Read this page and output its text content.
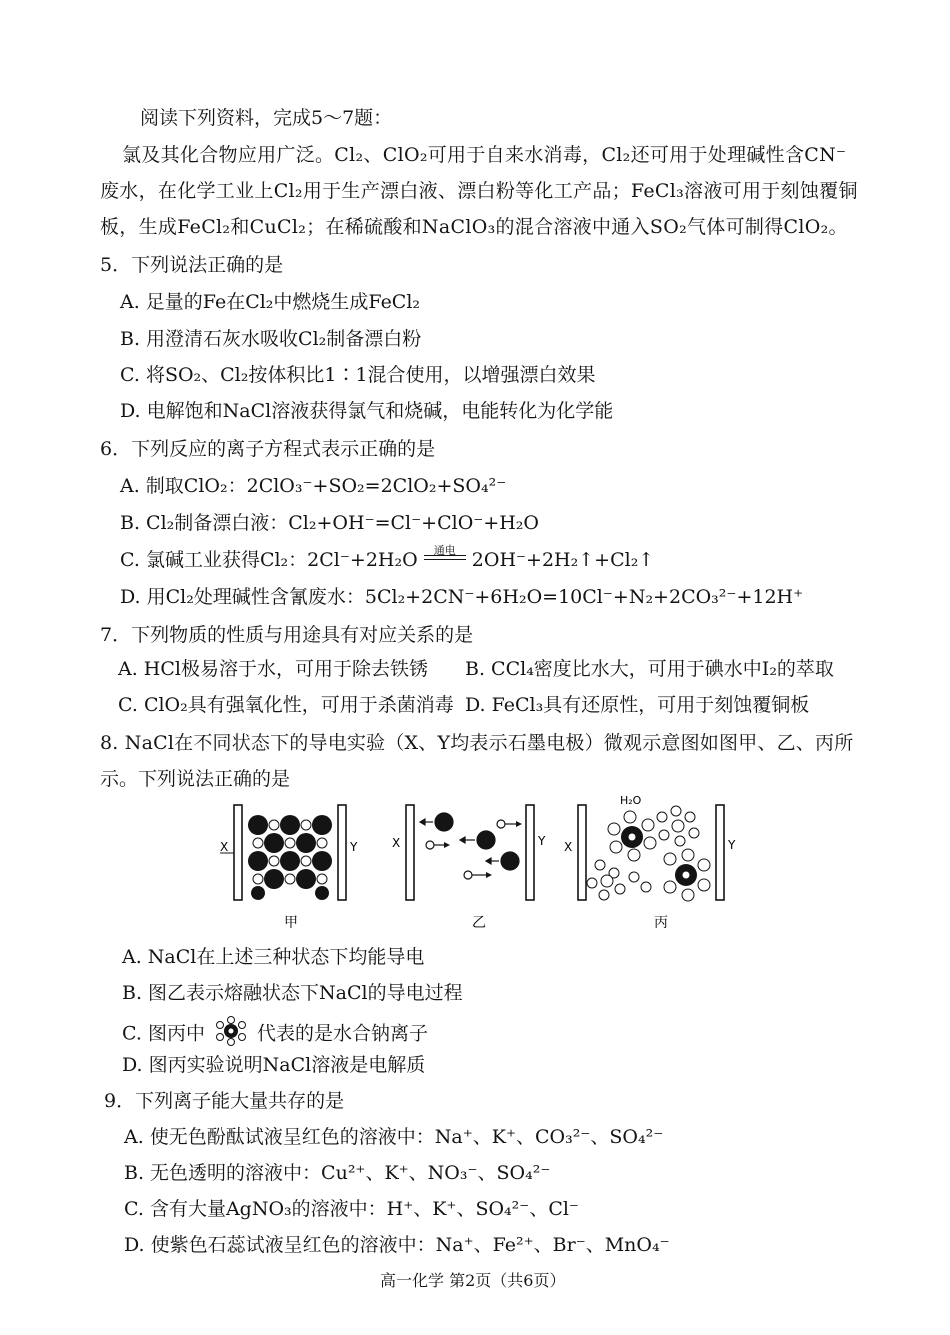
阅读下列资料，完成5～7题：
氯及其化合物应用广泛。Cl₂、ClO₂可用于自来水消毒，Cl₂还可用于处理碱性含CN⁻
废水，在化学工业上Cl₂用于生产漂白液、漂白粉等化工产品；FeCl₃溶液可用于刻蚀覆铜
板，生成FeCl₂和CuCl₂；在稀硫酸和NaClO₃的混合溶液中通入SO₂气体可制得ClO₂。
5．下列说法正确的是
A. 足量的Fe在Cl₂中燃烧生成FeCl₂
B. 用澄清石灰水吸收Cl₂制备漂白粉
C. 将SO₂、Cl₂按体积比1∶1混合使用，以增强漂白效果
D. 电解饱和NaCl溶液获得氯气和烧碱，电能转化为化学能
6．下列反应的离子方程式表示正确的是
A. 制取ClO₂：2ClO₃⁻+SO₂=2ClO₂+SO₄²⁻
B. Cl₂制备漂白液：Cl₂+OH⁻=Cl⁻+ClO⁻+H₂O
C. 氯碱工业获得Cl₂：2Cl⁻+2H₂O	通电 2OH⁻+2H₂↑+Cl₂↑
D. 用Cl₂处理碱性含氰废水：5Cl₂+2CN⁻+6H₂O=10Cl⁻+N₂+2CO₃²⁻+12H⁺
7．下列物质的性质与用途具有对应关系的是
A. HCl极易溶于水，可用于除去铁锈 B. CCl₄密度比水大，可用于碘水中I₂的萃取
C. ClO₂具有强氧化性，可用于杀菌消毒 D. FeCl₃具有还原性，可用于刻蚀覆铜板
8. NaCl在不同状态下的导电实验（X、Y均表示石墨电极）微观示意图如图甲、乙、丙所
示。下列说法正确的是
X	Y
甲
X	Y
乙
X	Y
H₂O
丙
A. NaCl在上述三种状态下均能导电
B. 图乙表示熔融状态下NaCl的导电过程
C. 图丙中	代表的是水合钠离子
D. 图丙实验说明NaCl溶液是电解质
9．下列离子能大量共存的是
A. 使无色酚酞试液呈红色的溶液中：Na⁺、K⁺、CO₃²⁻、SO₄²⁻
B. 无色透明的溶液中：Cu²⁺、K⁺、NO₃⁻、SO₄²⁻
C. 含有大量AgNO₃的溶液中：H⁺、K⁺、SO₄²⁻、Cl⁻
D. 使紫色石蕊试液呈红色的溶液中：Na⁺、Fe²⁺、Br⁻、MnO₄⁻
高一化学 第2页（共6页）
